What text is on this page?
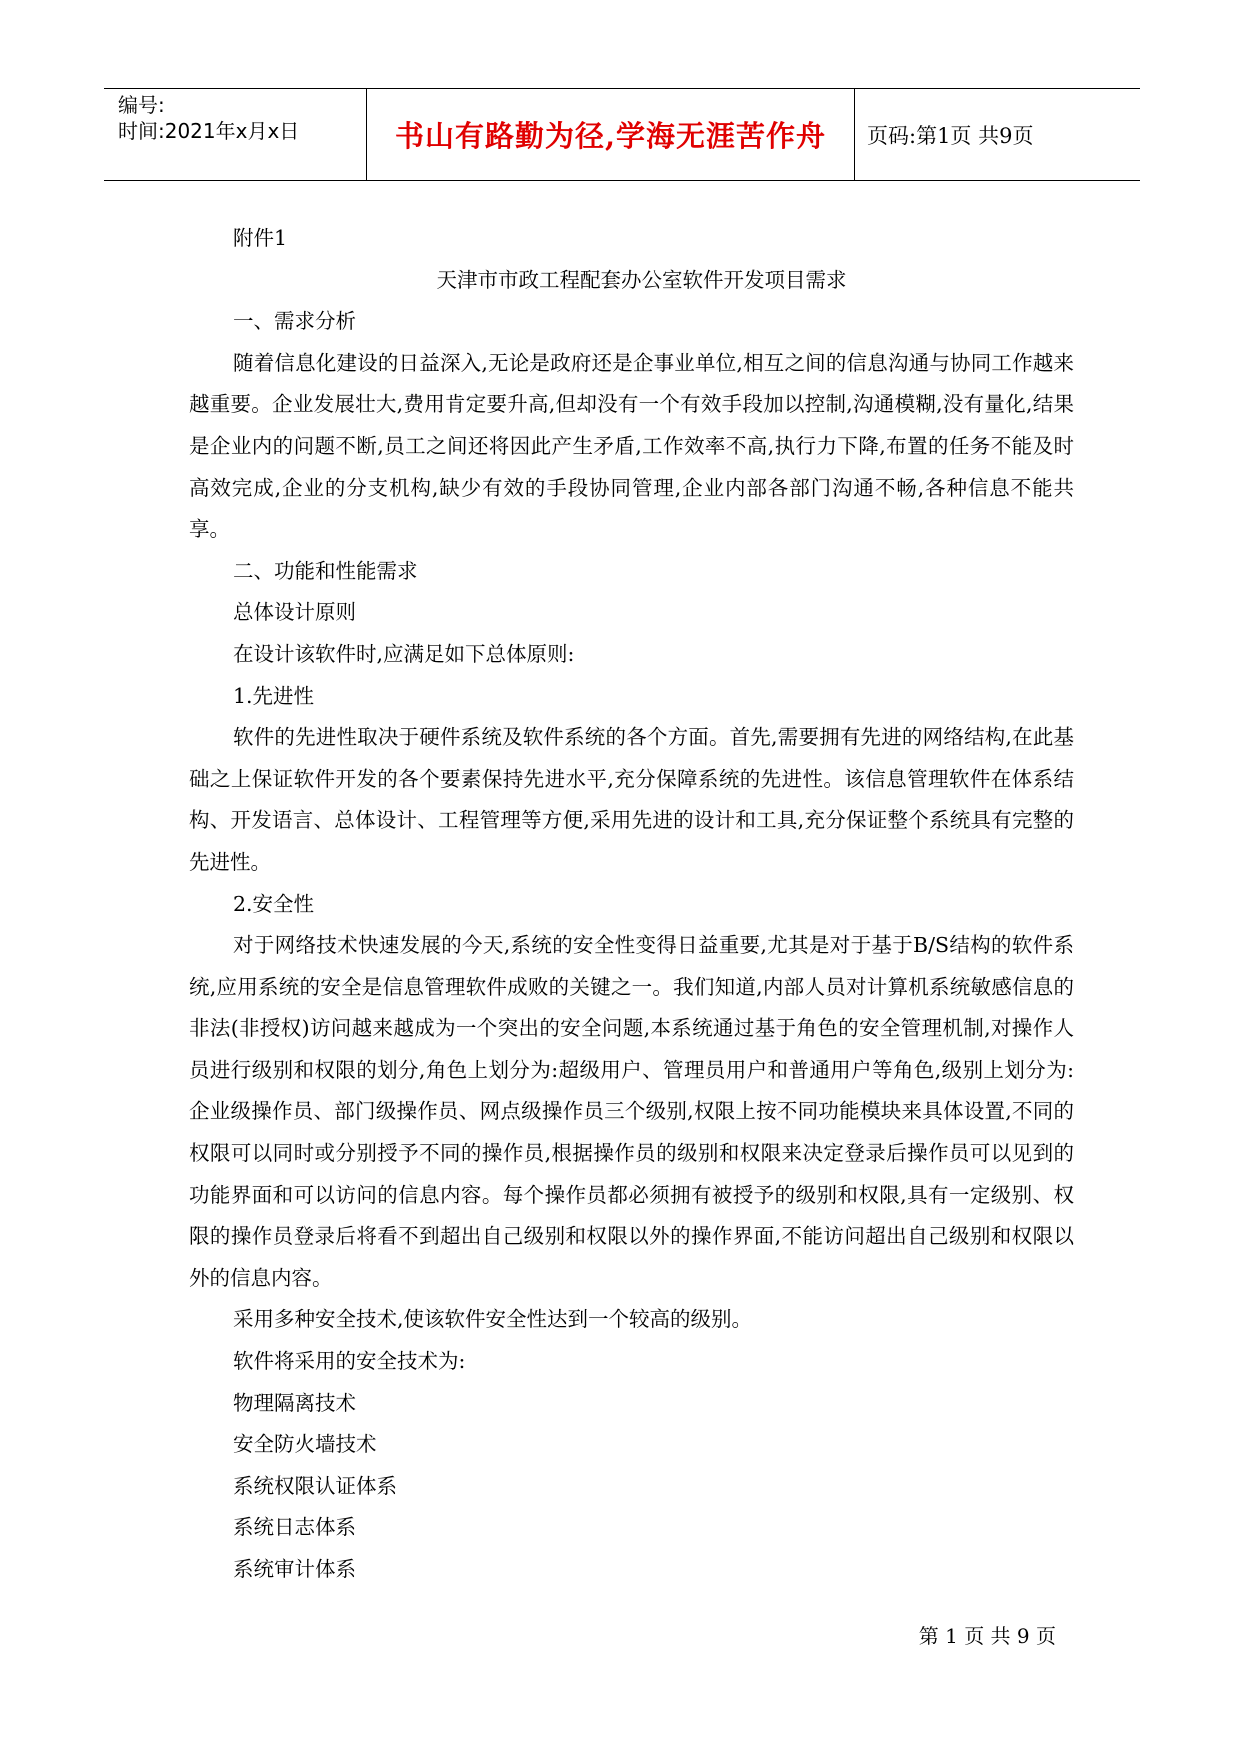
编号:
时间:2021年x月x日	书山有路勤为径,学海无涯苦作舟 页码:第1页 共9页

附件1

天津市市政工程配套办公室软件开发项目需求

一、需求分析

随着信息化建设的日益深入,无论是政府还是企事业单位,相互之间的信息沟通与协同工作越来越重要。企业发展壮大,费用肯定要升高,但却没有一个有效手段加以控制,沟通模糊,没有量化,结果是企业内的问题不断,员工之间还将因此产生矛盾,工作效率不高,执行力下降,布置的任务不能及时高效完成,企业的分支机构,缺少有效的手段协同管理,企业内部各部门沟通不畅,各种信息不能共享。

二、功能和性能需求

总体设计原则

在设计该软件时,应满足如下总体原则:

1.先进性

软件的先进性取决于硬件系统及软件系统的各个方面。首先,需要拥有先进的网络结构,在此基础之上保证软件开发的各个要素保持先进水平,充分保障系统的先进性。该信息管理软件在体系结构、开发语言、总体设计、工程管理等方便,采用先进的设计和工具,充分保证整个系统具有完整的先进性。

2.安全性

对于网络技术快速发展的今天,系统的安全性变得日益重要,尤其是对于基于B/S结构的软件系统,应用系统的安全是信息管理软件成败的关键之一。我们知道,内部人员对计算机系统敏感信息的非法(非授权)访问越来越成为一个突出的安全问题,本系统通过基于角色的安全管理机制,对操作人员进行级别和权限的划分,角色上划分为:超级用户、管理员用户和普通用户等角色,级别上划分为:企业级操作员、部门级操作员、网点级操作员三个级别,权限上按不同功能模块来具体设置,不同的权限可以同时或分别授予不同的操作员,根据操作员的级别和权限来决定登录后操作员可以见到的功能界面和可以访问的信息内容。每个操作员都必须拥有被授予的级别和权限,具有一定级别、权限的操作员登录后将看不到超出自己级别和权限以外的操作界面,不能访问超出自己级别和权限以外的信息内容。

采用多种安全技术,使该软件安全性达到一个较高的级别。

软件将采用的安全技术为:

物理隔离技术

安全防火墙技术

系统权限认证体系

系统日志体系

系统审计体系

第 1 页 共 9 页
